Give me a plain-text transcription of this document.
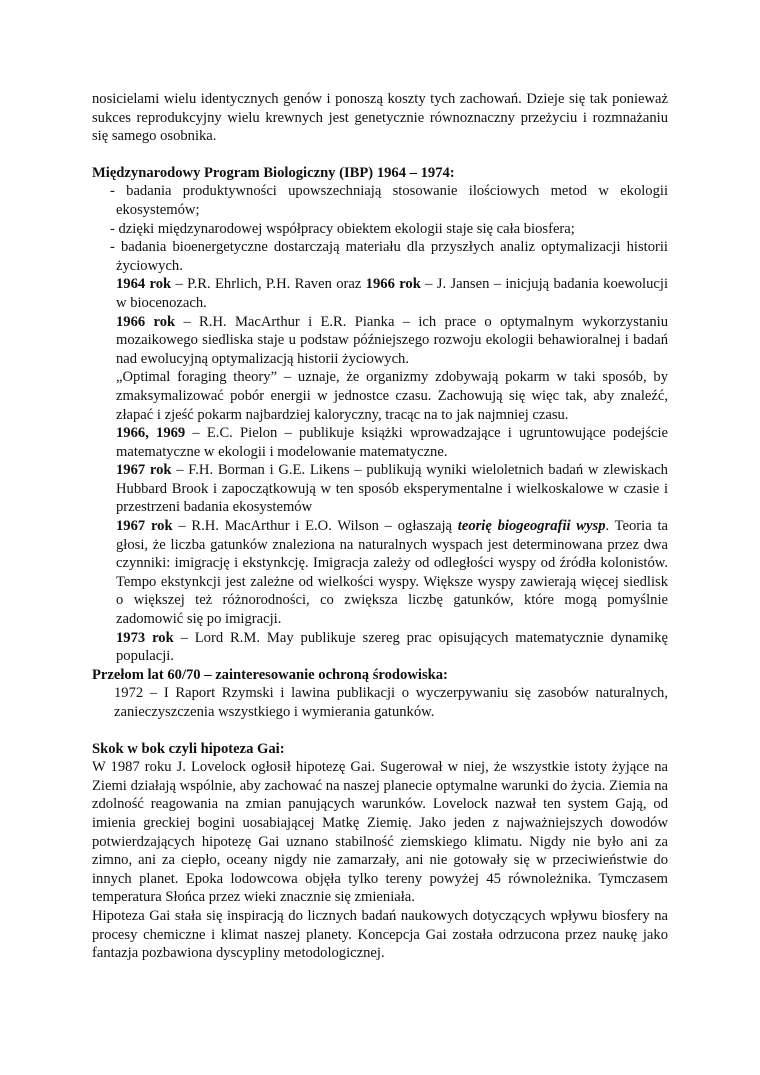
nosicielami wielu identycznych genów i ponoszą koszty tych zachowań. Dzieje się tak ponieważ sukces reprodukcyjny wielu krewnych jest genetycznie równoznaczny przeżyciu i rozmnażaniu się samego osobnika.

Międzynarodowy Program Biologiczny (IBP) 1964 – 1974:

- badania produktywności upowszechniają stosowanie ilościowych metod w ekologii ekosystemów;

- dzięki międzynarodowej współpracy obiektem ekologii staje się cała biosfera;

- badania bioenergetyczne dostarczają materiału dla przyszłych analiz optymalizacji historii życiowych.

1964 rok – P.R. Ehrlich, P.H. Raven oraz 1966 rok – J. Jansen – inicjują badania koewolucji w biocenozach.

1966 rok – R.H. MacArthur i E.R. Pianka – ich prace o optymalnym wykorzystaniu mozaikowego siedliska staje u podstaw późniejszego rozwoju ekologii behawioralnej i badań nad ewolucyjną optymalizacją historii życiowych.

„Optimal foraging theory” – uznaje, że organizmy zdobywają pokarm w taki sposób, by zmaksymalizować pobór energii w jednostce czasu. Zachowują się więc tak, aby znaleźć, złapać i zjeść pokarm najbardziej kaloryczny, tracąc na to jak najmniej czasu.

1966, 1969 – E.C. Pielon – publikuje książki wprowadzające i ugruntowujące podejście matematyczne w ekologii i modelowanie matematyczne.

1967 rok – F.H. Borman i G.E. Likens – publikują wyniki wieloletnich badań w zlewiskach Hubbard Brook i zapoczątkowują w ten sposób eksperymentalne i wielkoskalowe w czasie i przestrzeni badania ekosystemów

1967 rok – R.H. MacArthur i E.O. Wilson – ogłaszają teorię biogeografii wysp. Teoria ta głosi, że liczba gatunków znaleziona na naturalnych wyspach jest determinowana przez dwa czynniki: imigrację i ekstynkcję. Imigracja zależy od odległości wyspy od źródła kolonistów. Tempo ekstynkcji jest zależne od wielkości wyspy. Większe wyspy zawierają więcej siedlisk o większej też różnorodności, co zwiększa liczbę gatunków, które mogą pomyślnie zadomowić się po imigracji.

1973 rok – Lord R.M. May publikuje szereg prac opisujących matematycznie dynamikę populacji.

Przełom lat 60/70 – zainteresowanie ochroną środowiska:

1972 – I Raport Rzymski i lawina publikacji o wyczerpywaniu się zasobów naturalnych, zanieczyszczenia wszystkiego i wymierania gatunków.

Skok w bok czyli hipoteza Gai:

W 1987 roku J. Lovelock ogłosił hipotezę Gai. Sugerował w niej, że wszystkie istoty żyjące na Ziemi działają wspólnie, aby zachować na naszej planecie optymalne warunki do życia. Ziemia na zdolność reagowania na zmian panujących warunków. Lovelock nazwał ten system Gają, od imienia greckiej bogini uosabiającej Matkę Ziemię. Jako jeden z najważniejszych dowodów potwierdzających hipotezę Gai uznano stabilność ziemskiego klimatu. Nigdy nie było ani za zimno, ani za ciepło, oceany nigdy nie zamarzały, ani nie gotowały się w przeciwieństwie do innych planet. Epoka lodowcowa objęła tylko tereny powyżej 45 równoleżnika. Tymczasem temperatura Słońca przez wieki znacznie się zmieniała.

Hipoteza Gai stała się inspiracją do licznych badań naukowych dotyczących wpływu biosfery na procesy chemiczne i klimat naszej planety. Koncepcja Gai została odrzucona przez naukę jako fantazja pozbawiona dyscypliny metodologicznej.
